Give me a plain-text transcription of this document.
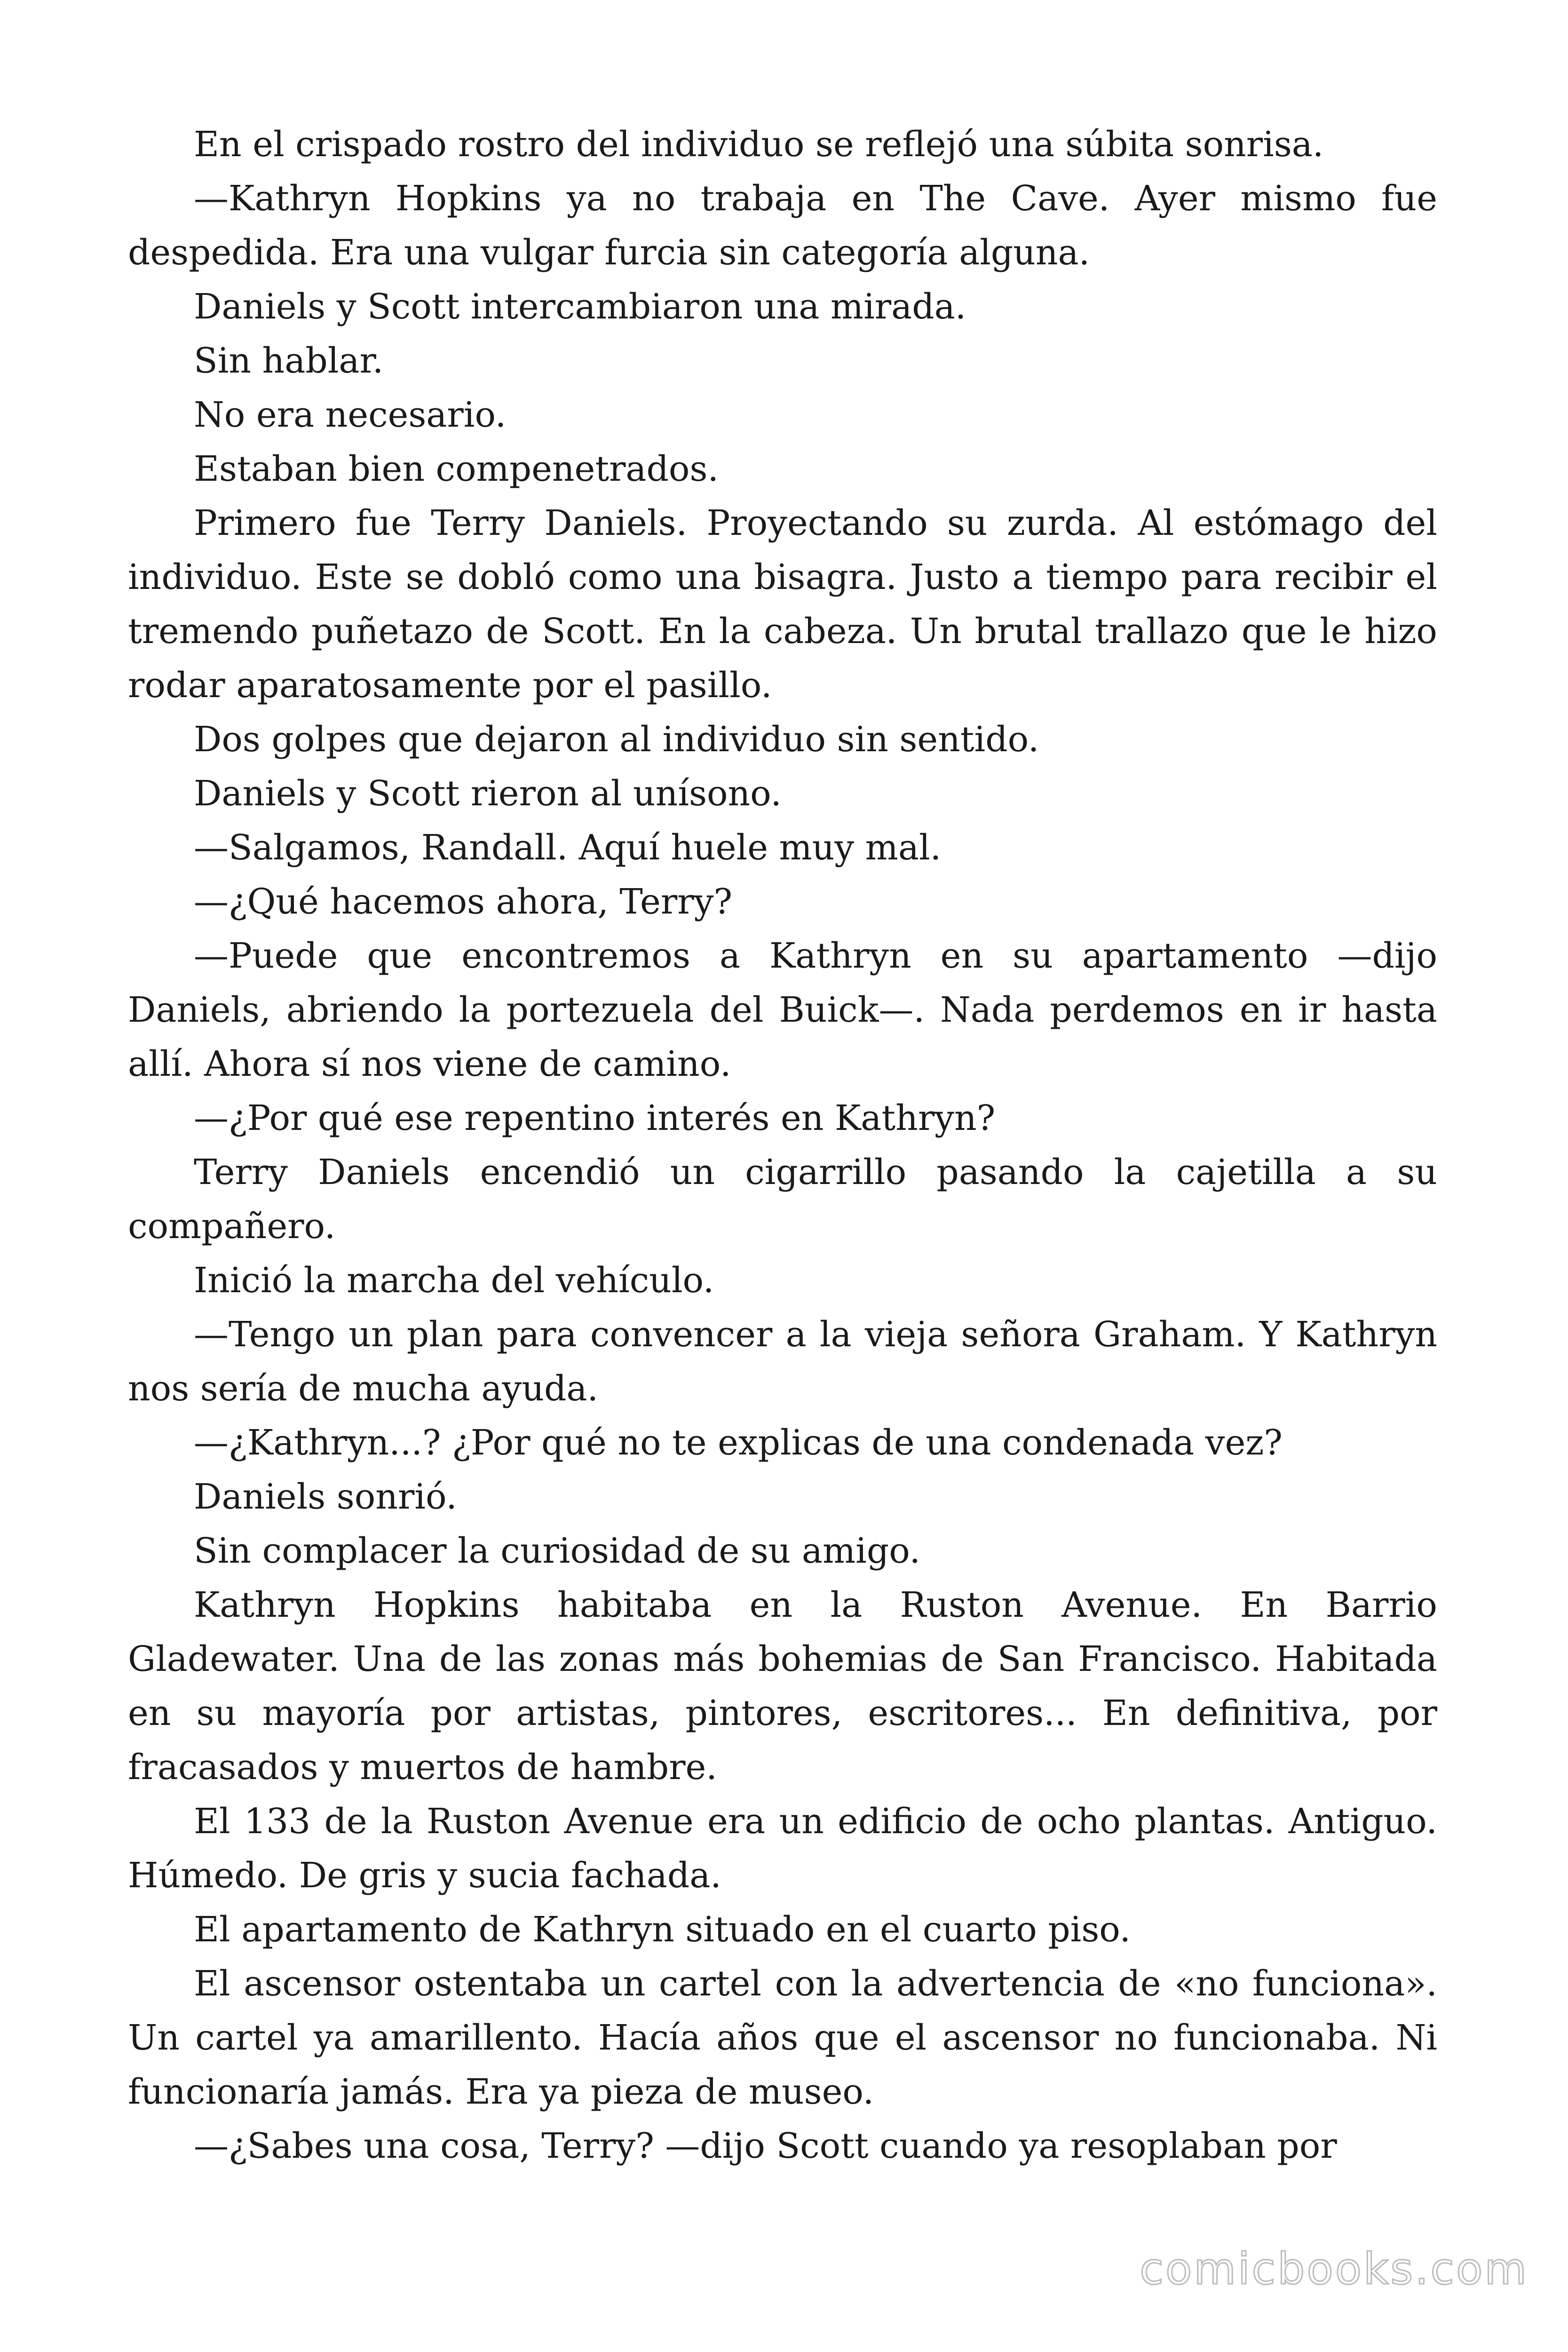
En el crispado rostro del individuo se reflejó una súbita sonrisa.

—Kathryn Hopkins ya no trabaja en The Cave. Ayer mismo fue despedida. Era una vulgar furcia sin categoría alguna.

Daniels y Scott intercambiaron una mirada.

Sin hablar.

No era necesario.

Estaban bien compenetrados.

Primero fue Terry Daniels. Proyectando su zurda. Al estómago del individuo. Este se dobló como una bisagra. Justo a tiempo para recibir el tremendo puñetazo de Scott. En la cabeza. Un brutal trallazo que le hizo rodar aparatosamente por el pasillo.

Dos golpes que dejaron al individuo sin sentido.

Daniels y Scott rieron al unísono.

—Salgamos, Randall. Aquí huele muy mal.

—¿Qué hacemos ahora, Terry?

—Puede que encontremos a Kathryn en su apartamento —dijo Daniels, abriendo la portezuela del Buick—. Nada perdemos en ir hasta allí. Ahora sí nos viene de camino.

—¿Por qué ese repentino interés en Kathryn?

Terry Daniels encendió un cigarrillo pasando la cajetilla a su compañero.

Inició la marcha del vehículo.

—Tengo un plan para convencer a la vieja señora Graham. Y Kathryn nos sería de mucha ayuda.

—¿Kathryn...? ¿Por qué no te explicas de una condenada vez?

Daniels sonrió.

Sin complacer la curiosidad de su amigo.

Kathryn Hopkins habitaba en la Ruston Avenue. En Barrio Gladewater. Una de las zonas más bohemias de San Francisco. Habitada en su mayoría por artistas, pintores, escritores... En definitiva, por fracasados y muertos de hambre.

El 133 de la Ruston Avenue era un edificio de ocho plantas. Antiguo. Húmedo. De gris y sucia fachada.

El apartamento de Kathryn situado en el cuarto piso.

El ascensor ostentaba un cartel con la advertencia de «no funciona». Un cartel ya amarillento. Hacía años que el ascensor no funcionaba. Ni funcionaría jamás. Era ya pieza de museo.

—¿Sabes una cosa, Terry? —dijo Scott cuando ya resoplaban por

comicbooks.com
